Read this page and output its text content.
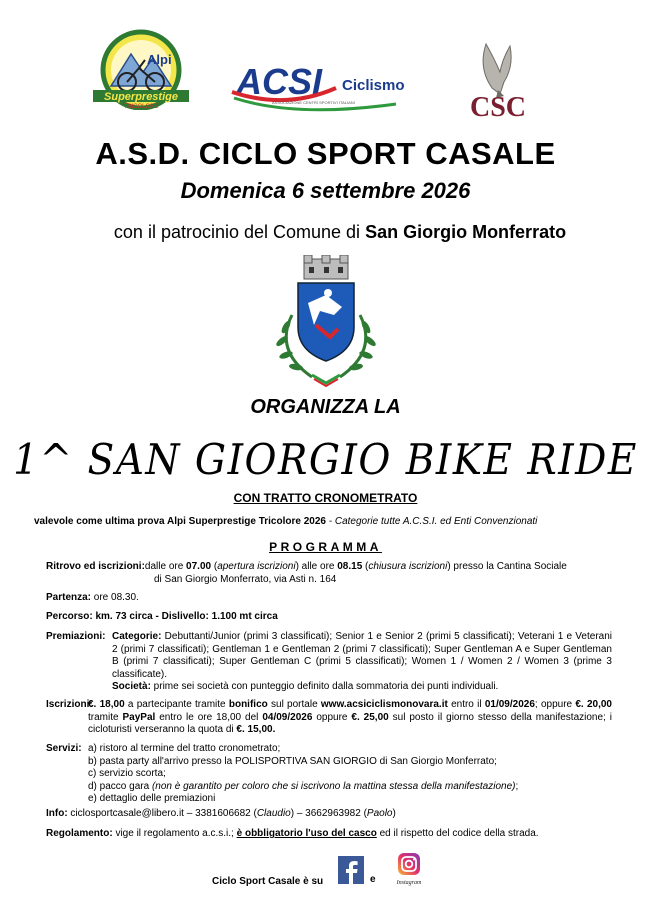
Alpi
Superprestige
TRICOLORE
ACSI Ciclismo
ASSOCIAZIONE CENTRI SPORTIVI ITALIANI	CSC
A.S.D. CICLO SPORT CASALE
Domenica 6 settembre 2026
con il patrocinio del Comune di San Giorgio Monferrato
ORGANIZZA LA
1^ SAN GIORGIO BIKE RIDE
CON TRATTO CRONOMETRATO
valevole come ultima prova Alpi Superprestige Tricolore 2026 - Categorie tutte A.C.S.I. ed Enti Convenzionati
PROGRAMMA
Ritrovo ed iscrizioni:dalle ore 07.00 (apertura iscrizioni) alle ore 08.15 (chiusura iscrizioni) presso la Cantina Sociale
di San Giorgio Monferrato, via Asti n. 164
Partenza: ore 08.30.
Percorso: km. 73 circa - Dislivello: 1.100 mt circa
Premiazioni: Categorie: Debuttanti/Junior (primi 3 classificati); Senior 1 e Senior 2 (primi 5 classificati); Veterani 1 e Veterani 2 (primi 7 classificati); Gentleman 1 e Gentleman 2 (primi 7 classificati); Super Gentleman A e Super Gentleman B (primi 7 classificati); Super Gentleman C (primi 5 classificati); Women 1 / Women 2 / Women 3 (prime 3 classificate).
Società: prime sei società con punteggio definito dalla sommatoria dei punti individuali.
Iscrizioni:
€. 18,00 a partecipante tramite bonifico sul portale www.acsiciclismonovara.it entro il 01/09/2026; oppure €. 20,00 tramite PayPal entro le ore 18,00 del 04/09/2026 oppure €. 25,00 sul posto il giorno stesso della manifestazione; i cicloturisti verseranno la quota di €. 15,00.
Servizi: a) ristoro al termine del tratto cronometrato;
b) pasta party all'arrivo presso la POLISPORTIVA SAN GIORGIO di San Giorgio Monferrato;
c) servizio scorta;
d) pacco gara (non è garantito per coloro che si iscrivono la mattina stessa della manifestazione);
e) dettaglio delle premiazioni
Info: ciclosportcasale@libero.it – 3381606682 (Claudio) – 3662963982 (Paolo)
Regolamento: vige il regolamento a.c.s.i.; è obbligatorio l'uso del casco ed il rispetto del codice della strada.
Ciclo Sport Casale è su	e	Instagram
